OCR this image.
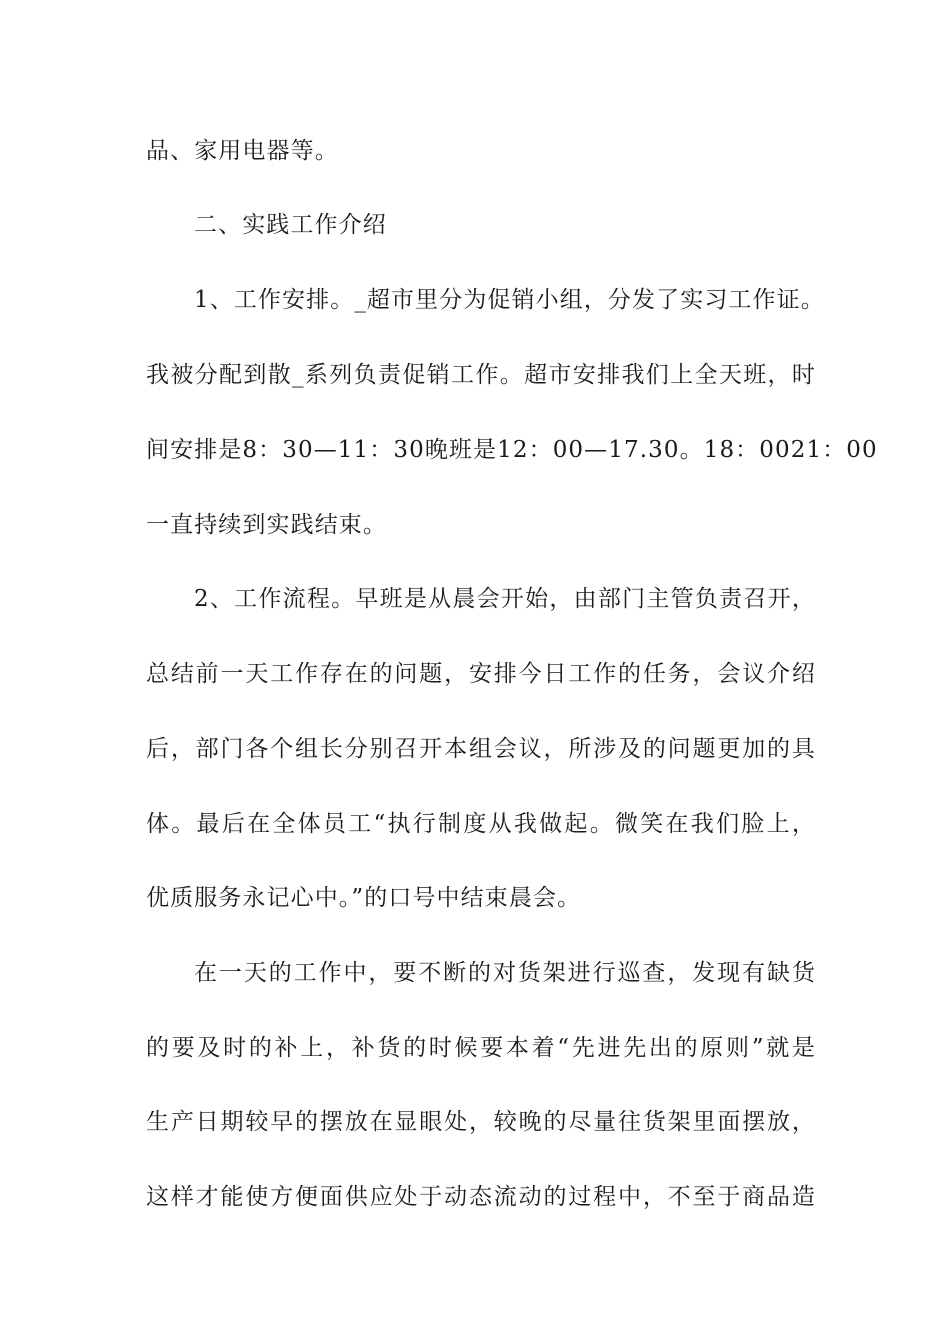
品、家用电器等。
二、实践工作介绍
1、工作安排。_超市里分为促销小组，分发了实习工作证。
我被分配到散_系列负责促销工作。超市安排我们上全天班，时
间安排是8：30—11：30晚班是12：00—17.30。18：0021：00
一直持续到实践结束。
2、工作流程。早班是从晨会开始，由部门主管负责召开，
总结前一天工作存在的问题，安排今日工作的任务，会议介绍
后，部门各个组长分别召开本组会议，所涉及的问题更加的具
体。最后在全体员工“执行制度从我做起。微笑在我们脸上，
优质服务永记心中。”的口号中结束晨会。
在一天的工作中，要不断的对货架进行巡查，发现有缺货
的要及时的补上，补货的时候要本着“先进先出的原则”就是
生产日期较早的摆放在显眼处，较晚的尽量往货架里面摆放，
这样才能使方便面供应处于动态流动的过程中，不至于商品造
